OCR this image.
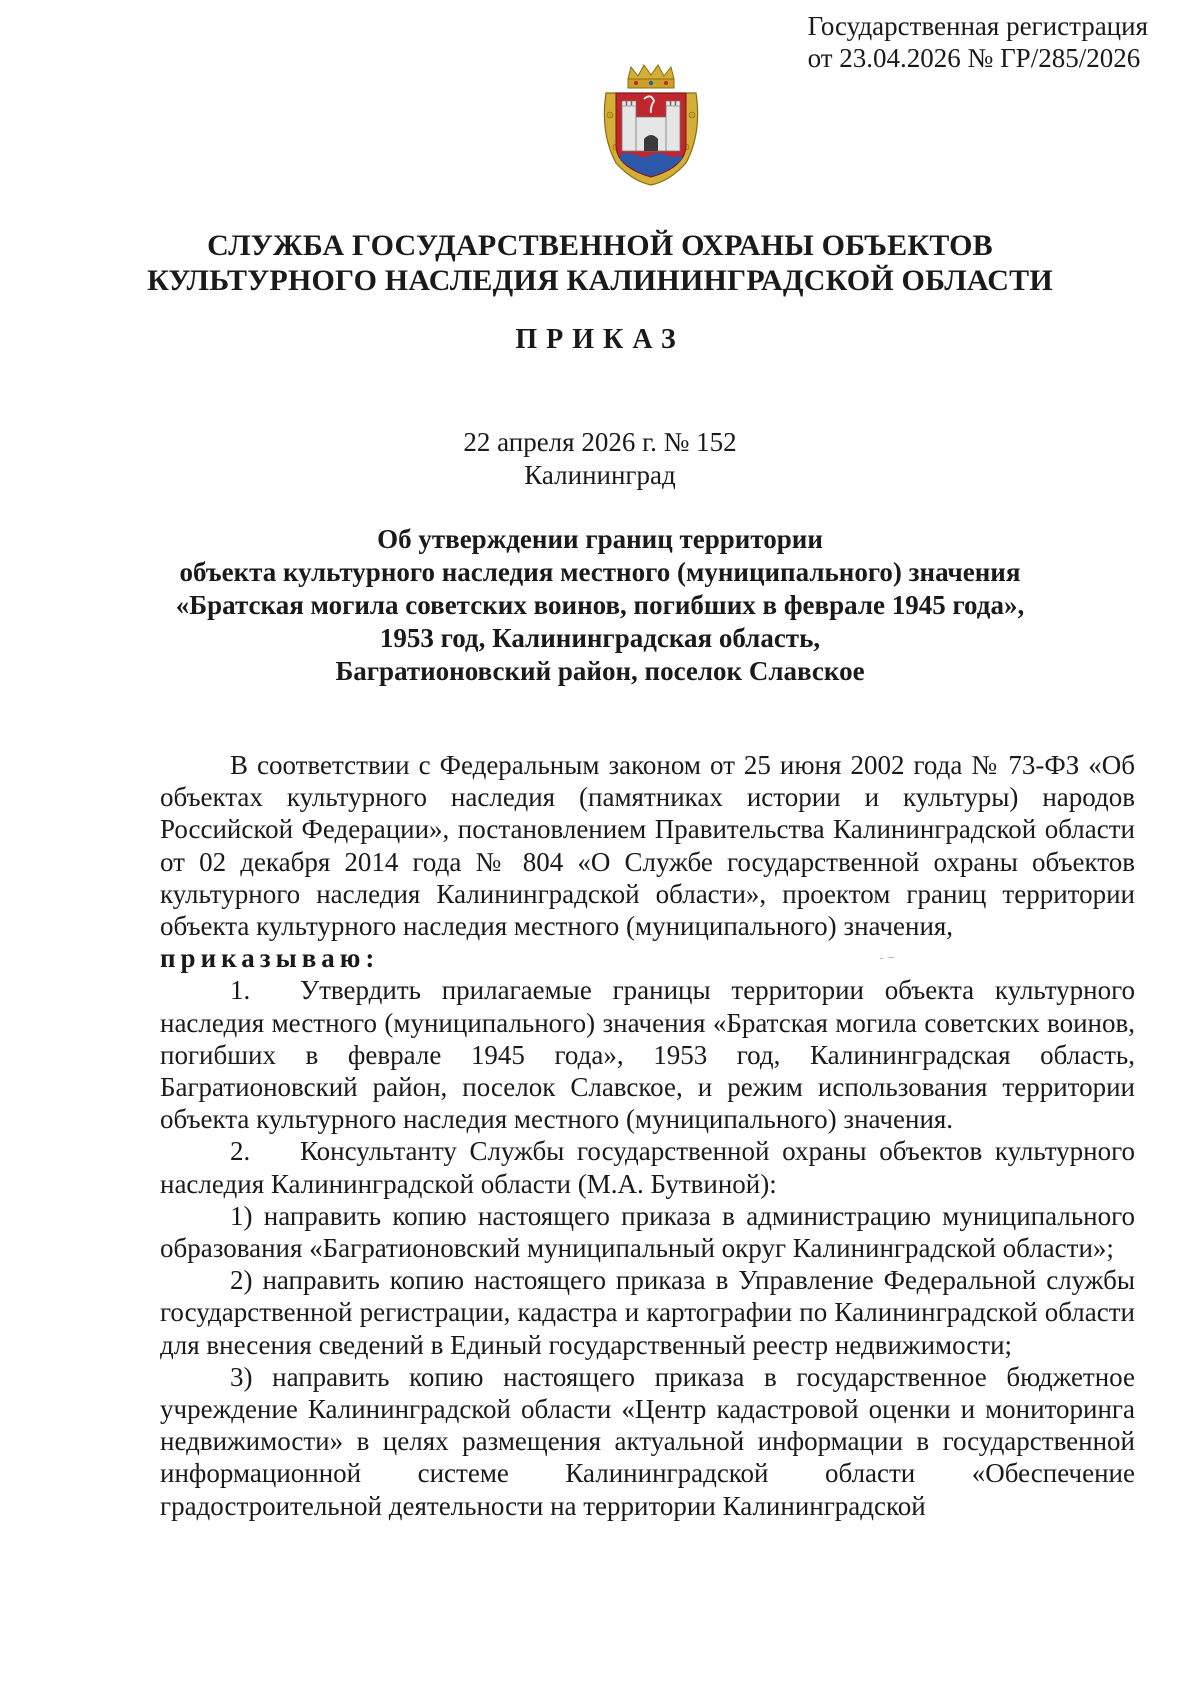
Государственная регистрация
от 23.04.2026 № ГР/285/2026
СЛУЖБА ГОСУДАРСТВЕННОЙ ОХРАНЫ ОБЪЕКТОВ
КУЛЬТУРНОГО НАСЛЕДИЯ КАЛИНИНГРАДСКОЙ ОБЛАСТИ
ПРИКАЗ
22 апреля 2026 г. № 152
Калининград
Об утверждении границ территории
объекта культурного наследия местного (муниципального) значения
«Братская могила советских воинов, погибших в феврале 1945 года»,
1953 год, Калининградская область,
Багратионовский район, поселок Славское

В соответствии с Федеральным законом от 25 июня 2002 года № 73-ФЗ «Об объектах культурного наследия (памятниках истории и культуры) народов Российской Федерации», постановлением Правительства Калининградской области от 02 декабря 2014 года № 804 «О Службе государственной охраны объектов культурного наследия Калининградской области», проектом границ территории объекта культурного наследия местного (муниципального) значения,

приказываю:

1. Утвердить прилагаемые границы территории объекта культурного наследия местного (муниципального) значения «Братская могила советских воинов, погибших в феврале 1945 года», 1953 год, Калининградская область, Багратионовский район, поселок Славское, и режим использования территории объекта культурного наследия местного (муниципального) значения.

2. Консультанту Службы государственной охраны объектов культурного наследия Калининградской области (М.А. Бутвиной):

1) направить копию настоящего приказа в администрацию муниципального образования «Багратионовский муниципальный округ Калининградской области»;

2) направить копию настоящего приказа в Управление Федеральной службы государственной регистрации, кадастра и картографии по Калининградской области для внесения сведений в Единый государственный реестр недвижимости;

3) направить копию настоящего приказа в государственное бюджетное учреждение Калининградской области «Центр кадастровой оценки и мониторинга недвижимости» в целях размещения актуальной информации в государственной информационной системе Калининградской области «Обеспечение градостроительной деятельности на территории Калининградской
